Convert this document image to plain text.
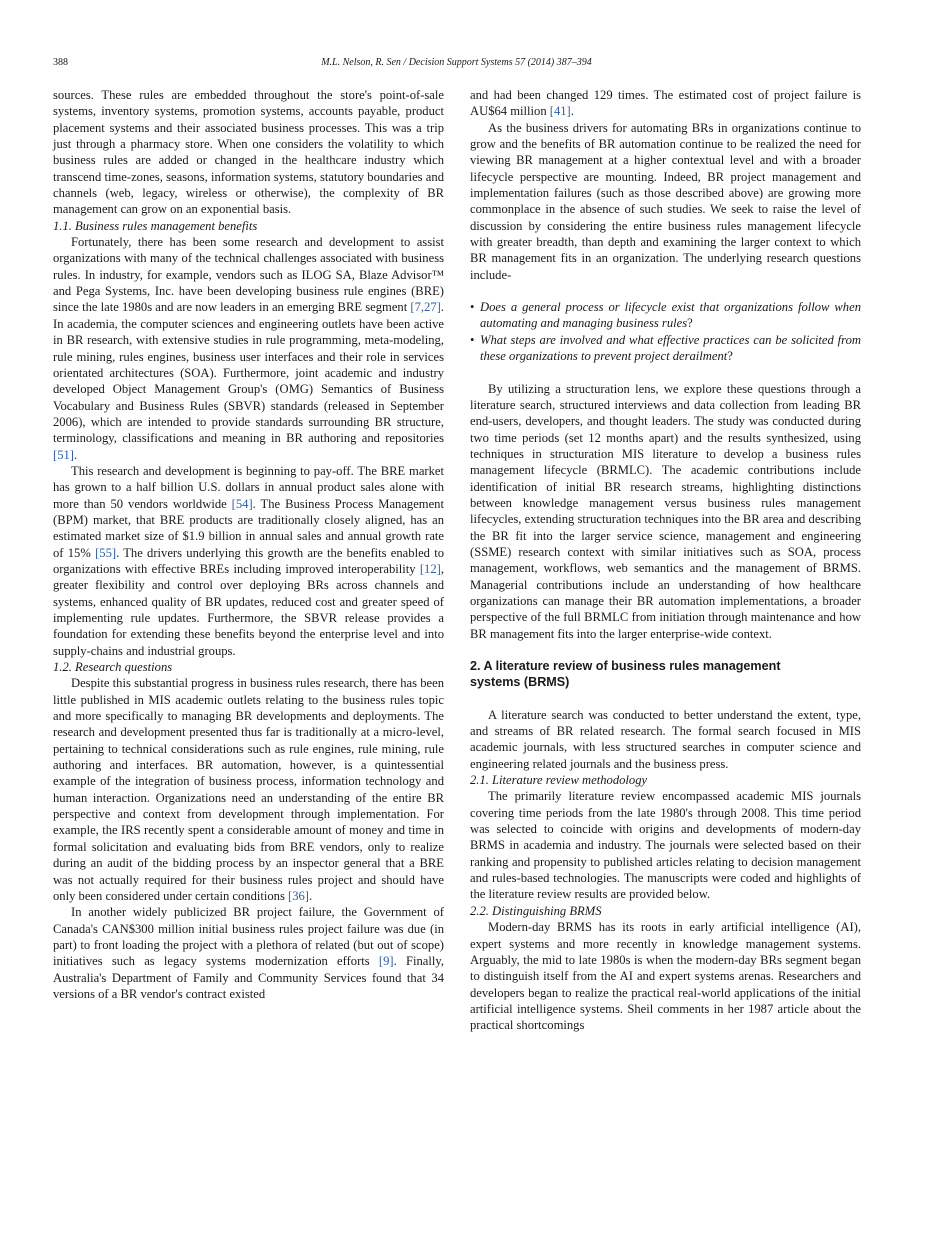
388	M.L. Nelson, R. Sen / Decision Support Systems 57 (2014) 387–394

sources. These rules are embedded throughout the store's point-of-sale systems, inventory systems, promotion systems, accounts payable, product placement systems and their associated business processes. This was a trip just through a pharmacy store. When one considers the volatility to which business rules are added or changed in the healthcare industry which transcend time-zones, seasons, information systems, statutory boundaries and channels (web, legacy, wireless or otherwise), the complexity of BR management can grow on an exponential basis.

1.1. Business rules management benefits

Fortunately, there has been some research and development to assist organizations with many of the technical challenges associated with business rules. In industry, for example, vendors such as ILOG SA, Blaze Advisor™ and Pega Systems, Inc. have been developing business rule engines (BRE) since the late 1980s and are now leaders in an emerging BRE segment [7,27]. In academia, the computer sciences and engineering outlets have been active in BR research, with extensive studies in rule programming, meta-modeling, rule mining, rules engines, business user interfaces and their role in services orientated architectures (SOA). Furthermore, joint academic and industry developed Object Management Group's (OMG) Semantics of Business Vocabulary and Business Rules (SBVR) standards (released in September 2006), which are intended to provide standards surrounding BR structure, terminology, classifications and meaning in BR authoring and repositories [51].

This research and development is beginning to pay-off. The BRE market has grown to a half billion U.S. dollars in annual product sales alone with more than 50 vendors worldwide [54]. The Business Process Management (BPM) market, that BRE products are traditionally closely aligned, has an estimated market size of $1.9 billion in annual sales and annual growth rate of 15% [55]. The drivers underlying this growth are the benefits enabled to organizations with effective BREs including improved interoperability [12], greater flexibility and control over deploying BRs across channels and systems, enhanced quality of BR updates, reduced cost and greater speed of implementing rule updates. Furthermore, the SBVR release provides a foundation for extending these benefits beyond the enterprise level and into supply-chains and industrial groups.

1.2. Research questions

Despite this substantial progress in business rules research, there has been little published in MIS academic outlets relating to the business rules topic and more specifically to managing BR developments and deployments. The research and development presented thus far is traditionally at a micro-level, pertaining to technical considerations such as rule engines, rule mining, rule authoring and interfaces. BR automation, however, is a quintessential example of the integration of business process, information technology and human interaction. Organizations need an understanding of the entire BR perspective and context from development through implementation. For example, the IRS recently spent a considerable amount of money and time in formal solicitation and evaluating bids from BRE vendors, only to realize during an audit of the bidding process by an inspector general that a BRE was not actually required for their business rules project and should have only been considered under certain conditions [36].

In another widely publicized BR project failure, the Government of Canada's CAN$300 million initial business rules project failure was due (in part) to front loading the project with a plethora of related (but out of scope) initiatives such as legacy systems modernization efforts [9]. Finally, Australia's Department of Family and Community Services found that 34 versions of a BR vendor's contract existed

and had been changed 129 times. The estimated cost of project failure is AU$64 million [41].

As the business drivers for automating BRs in organizations continue to grow and the benefits of BR automation continue to be realized the need for viewing BR management at a higher contextual level and with a broader lifecycle perspective are mounting. Indeed, BR project management and implementation failures (such as those described above) are growing more commonplace in the absence of such studies. We seek to raise the level of discussion by considering the entire business rules management lifecycle with greater breadth, than depth and examining the larger context to which BR management fits in an organization. The underlying research questions include-

• Does a general process or lifecycle exist that organizations follow when automating and managing business rules?
• What steps are involved and what effective practices can be solicited from these organizations to prevent project derailment?

By utilizing a structuration lens, we explore these questions through a literature search, structured interviews and data collection from leading BR end-users, developers, and thought leaders. The study was conducted during two time periods (set 12 months apart) and the results synthesized, using techniques in structuration MIS literature to develop a business rules management lifecycle (BRMLC). The academic contributions include identification of initial BR research streams, highlighting distinctions between knowledge management versus business rules management lifecycles, extending structuration techniques into the BR area and describing the BR fit into the larger service science, management and engineering (SSME) research context with similar initiatives such as SOA, process management, workflows, web semantics and the management of BRMS. Managerial contributions include an understanding of how healthcare organizations can manage their BR automation implementations, a broader perspective of the full BRMLC from initiation through maintenance and how BR management fits into the larger enterprise-wide context.

2. A literature review of business rules management
systems (BRMS)

A literature search was conducted to better understand the extent, type, and streams of BR related research. The formal search focused in MIS academic journals, with less structured searches in computer science and engineering related journals and the business press.

2.1. Literature review methodology

The primarily literature review encompassed academic MIS journals covering time periods from the late 1980's through 2008. This time period was selected to coincide with origins and developments of modern-day BRMS in academia and industry. The journals were selected based on their ranking and propensity to published articles relating to decision management and rules-based technologies. The manuscripts were coded and highlights of the literature review results are provided below.

2.2. Distinguishing BRMS

Modern-day BRMS has its roots in early artificial intelligence (AI), expert systems and more recently in knowledge management systems. Arguably, the mid to late 1980s is when the modern-day BRs segment began to distinguish itself from the AI and expert systems arenas. Researchers and developers began to realize the practical real-world applications of the initial artificial intelligence systems. Sheil comments in her 1987 article about the practical shortcomings
